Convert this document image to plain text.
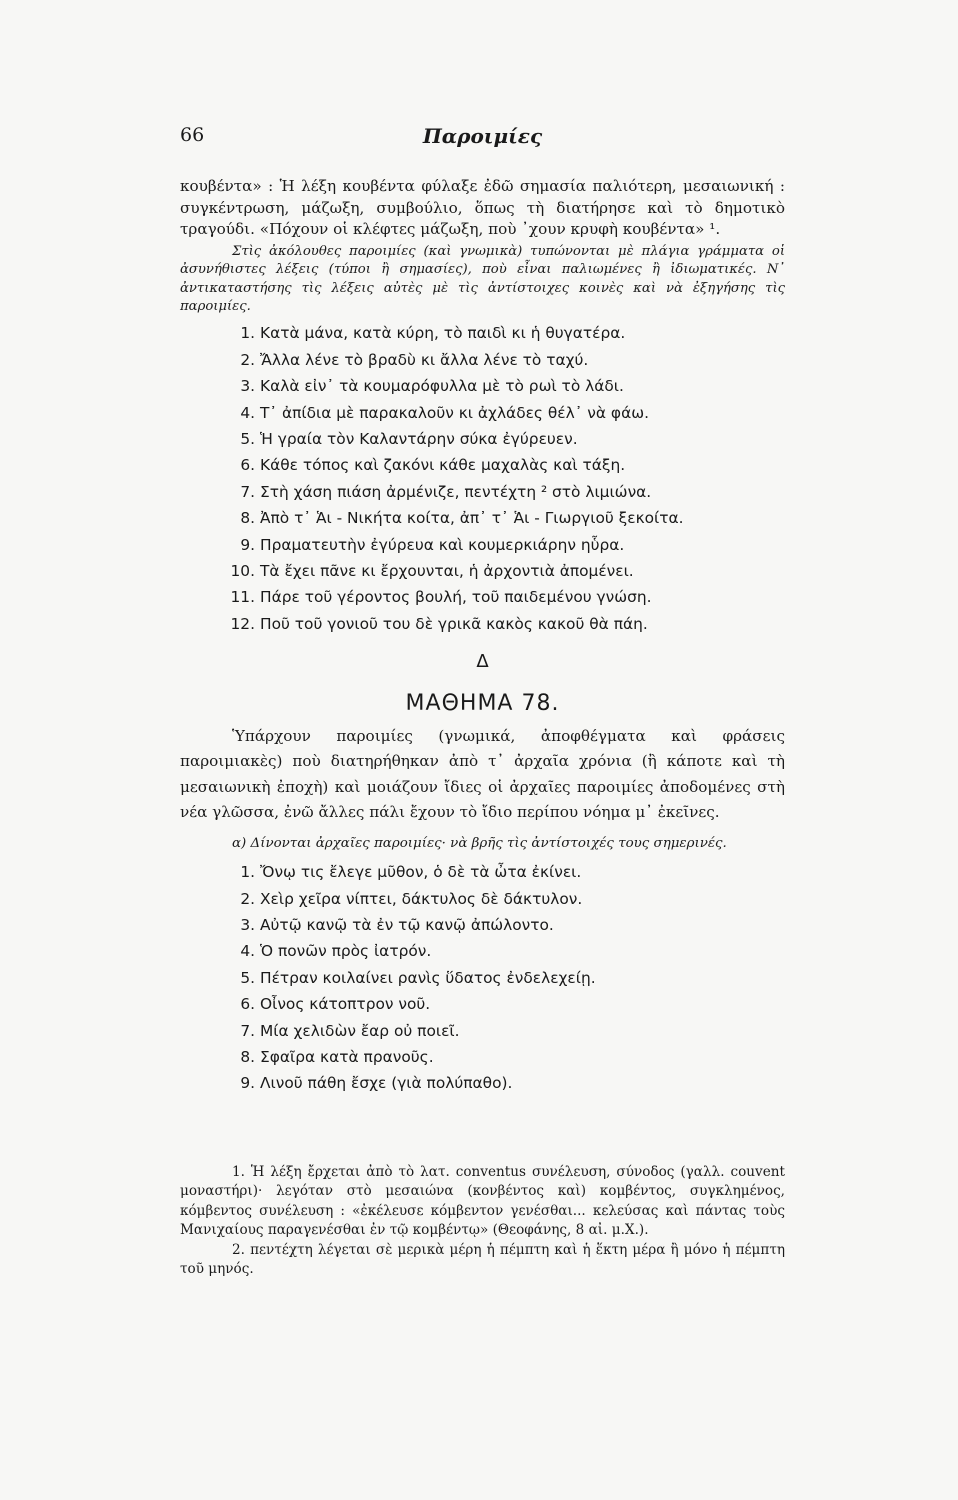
66	Παροιμίες

κουβέντα» : Ἡ λέξη κουβέντα φύλαξε ἐδῶ σημασία παλιότερη, μεσαιωνική : συγκέντρωση, μάζωξη, συμβούλιο, ὅπως τὴ διατήρησε καὶ τὸ δημοτικὸ τραγούδι. «Πόχουν οἱ κλέφτες μάζωξη, ποὺ ᾽χουν κρυφὴ κουβέντα» ¹.

Στὶς ἀκόλουθες παροιμίες (καὶ γνωμικὰ) τυπώνονται μὲ πλάγια γράμματα οἱ ἀσυνήθιστες λέξεις (τύποι ἢ σημασίες), ποὺ εἶναι παλιωμένες ἢ ἰδιωματικές. Ν᾽ ἀντικαταστήσης τὶς λέξεις αὐτὲς μὲ τὶς ἀντίστοιχες κοινὲς καὶ νὰ ἐξηγήσης τὶς παροιμίες.

1. Κατὰ μάνα, κατὰ κύρη, τὸ παιδὶ κι ἡ θυγατέρα.
2. Ἄλλα λένε τὸ βραδὺ κι ἄλλα λένε τὸ ταχύ.
3. Καλὰ εἰν᾽ τὰ κουμαρόφυλλα μὲ τὸ ρωὶ τὸ λάδι.
4. Τ᾽ ἀπίδια μὲ παρακαλοῦν κι ἀχλάδες θέλ᾽ νὰ φάω.
5. Ἡ γραία τὸν Καλαντάρην σύκα ἐγύρευεν.
6. Κάθε τόπος καὶ ζακόνι κάθε μαχαλὰς καὶ τάξη.
7. Στὴ χάση πιάση ἀρμένιζε, πεντέχτη ² στὸ λιμιώνα.
8. Ἀπὸ τ᾽ Ἁι - Νικήτα κοίτα, ἀπ᾽ τ᾽ Ἁι - Γιωργιοῦ ξεκοίτα.
9. Πραματευτὴν ἐγύρευα καὶ κουμερκιάρην ηὗρα.
10. Τὰ ἔχει πᾶνε κι ἔρχουνται, ἡ ἀρχοντιὰ ἀπομένει.
11. Πάρε τοῦ γέροντος βουλή, τοῦ παιδεμένου γνώση.
12. Ποῦ τοῦ γονιοῦ του δὲ γρικᾶ κακὸς κακοῦ θὰ πάη.
Δ
ΜΑΘΗΜΑ 78.

Ὑπάρχουν παροιμίες (γνωμικά, ἀποφθέγματα καὶ φράσεις παροιμιακὲς) ποὺ διατηρήθηκαν ἀπὸ τ᾽ ἀρχαῖα χρόνια (ἢ κάποτε καὶ τὴ μεσαιωνικὴ ἐποχὴ) καὶ μοιάζουν ἴδιες οἱ ἀρχαῖες παροιμίες ἀποδομένες στὴ νέα γλῶσσα, ἐνῶ ἄλλες πάλι ἔχουν τὸ ἴδιο περίπου νόημα μ᾽ ἐκεῖνες.

α) Δίνονται ἀρχαῖες παροιμίες· νὰ βρῆς τὶς ἀντίστοιχές τους σημερινές.

1. Ὄνῳ τις ἔλεγε μῦθον, ὁ δὲ τὰ ὦτα ἐκίνει.
2. Χεὶρ χεῖρα νίπτει, δάκτυλος δὲ δάκτυλον.
3. Αὐτῷ κανῷ τὰ ἐν τῷ κανῷ ἀπώλοντο.
4. Ὁ πονῶν πρὸς ἰατρόν.
5. Πέτραν κοιλαίνει ρανὶς ὕδατος ἐνδελεχείῃ.
6. Οἶνος κάτοπτρον νοῦ.
7. Μία χελιδὼν ἔαρ οὐ ποιεῖ.
8. Σφαῖρα κατὰ πρανοῦς.
9. Λινοῦ πάθη ἔσχε (γιὰ πολύπαθο).

1. Ἡ λέξη ἔρχεται ἀπὸ τὸ λατ. conventus συνέλευση, σύνοδος (γαλλ. couvent μοναστήρι)· λεγόταν στὸ μεσαιώνα (κονβέντος καὶ) κομβέντος, συγκλημένος, κόμβεντος συνέλευση : «ἐκέλευσε κόμβεντον γενέσθαι... κελεύσας καὶ πάντας τοὺς Μανιχαίους παραγενέσθαι ἐν τῷ κομβέντῳ» (Θεοφάνης, 8 αἰ. μ.Χ.).

2. πεντέχτη λέγεται σὲ μερικὰ μέρη ἡ πέμπτη καὶ ἡ ἕκτη μέρα ἢ μόνο ἡ πέμπτη τοῦ μηνός.
